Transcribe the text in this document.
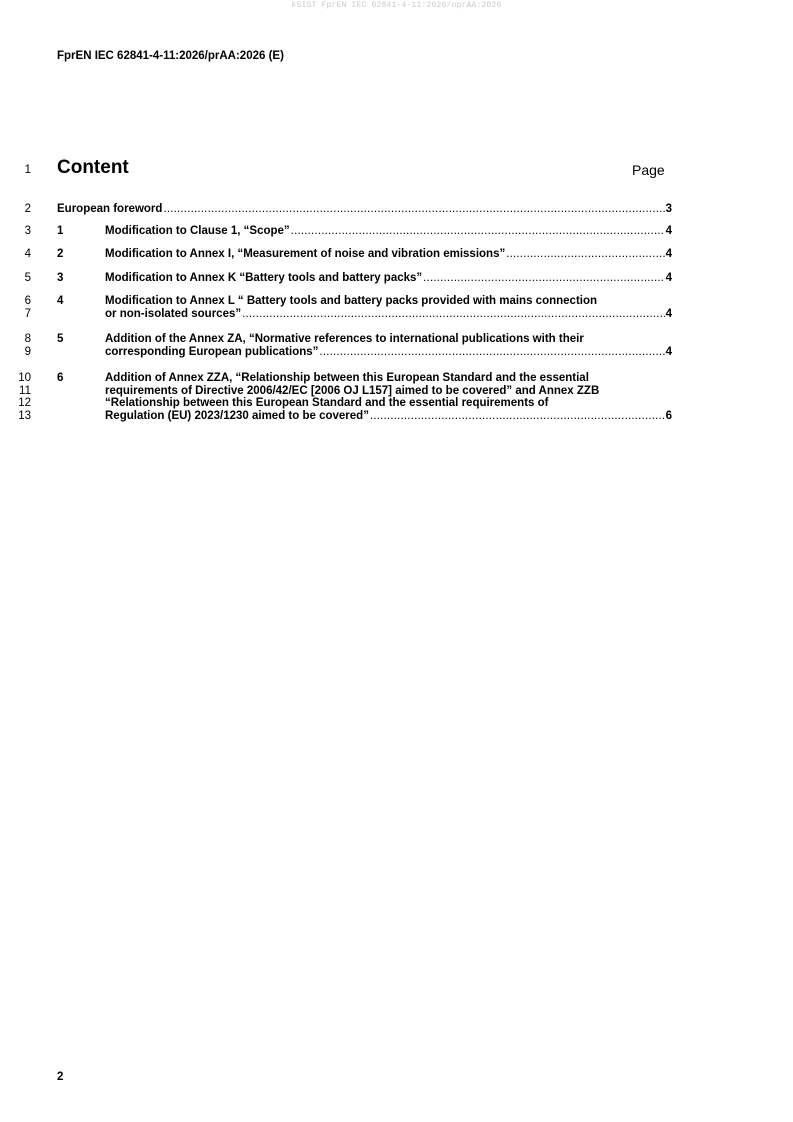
kSIST FprEN IEC 62841-4-11:2026/oprAA:2026
FprEN IEC 62841-4-11:2026/prAA:2026 (E)
1
2
3
4
5
6
7
8
9
10
11
12
13
Content	Page
European foreword .....	3
1	Modification to Clause 1, “Scope” .....	4
2	Modification to Annex I, “Measurement of noise and vibration emissions” .....	4
3	Modification to Annex K “Battery tools and battery packs” .....	4
4	Modification to Annex L “ Battery tools and battery packs provided with mains connection
or non-isolated sources” .....	4
5	Addition of the Annex ZA, “Normative references to international publications with their
corresponding European publications” .....	4
6	Addition of Annex ZZA, “Relationship between this European Standard and the essential
requirements of Directive 2006/42/EC [2006 OJ L157] aimed to be covered” and Annex ZZB
“Relationship between this European Standard and the essential requirements of
Regulation (EU) 2023/1230 aimed to be covered” .....	6
2
